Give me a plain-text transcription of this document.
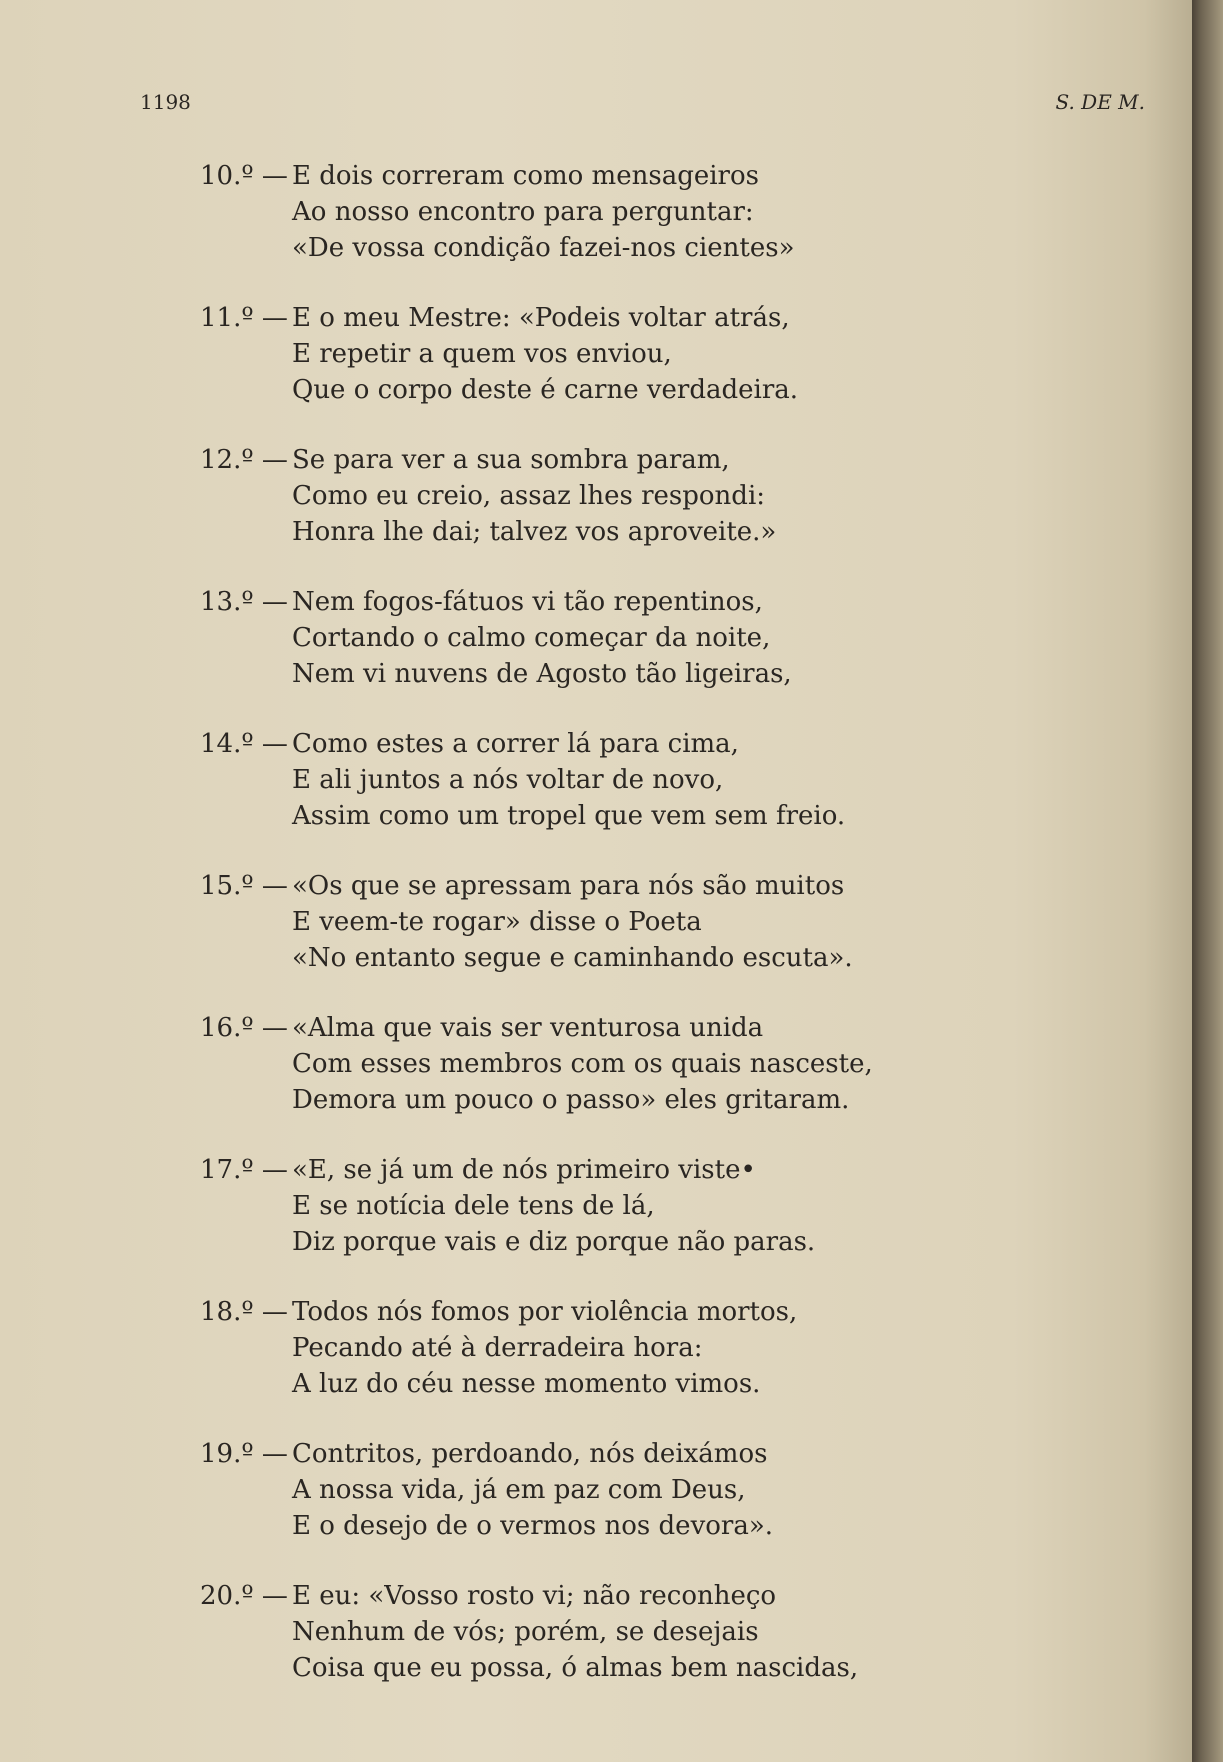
1198	S. DE M.
10.º — E dois correram como mensageiros
Ao nosso encontro para perguntar:
«De vossa condição fazei-nos cientes»
11.º — E o meu Mestre: «Podeis voltar atrás,
E repetir a quem vos enviou,
Que o corpo deste é carne verdadeira.
12.º — Se para ver a sua sombra param,
Como eu creio, assaz lhes respondi:
Honra lhe dai; talvez vos aproveite.»
13.º — Nem fogos-fátuos vi tão repentinos,
Cortando o calmo começar da noite,
Nem vi nuvens de Agosto tão ligeiras,
14.º — Como estes a correr lá para cima,
E ali juntos a nós voltar de novo,
Assim como um tropel que vem sem freio.
15.º — «Os que se apressam para nós são muitos
E veem-te rogar» disse o Poeta
«No entanto segue e caminhando escuta».
16.º — «Alma que vais ser venturosa unida
Com esses membros com os quais nasceste,
Demora um pouco o passo» eles gritaram.
17.º — «E, se já um de nós primeiro viste•
E se notícia dele tens de lá,
Diz porque vais e diz porque não paras.
18.º — Todos nós fomos por violência mortos,
Pecando até à derradeira hora:
A luz do céu nesse momento vimos.
19.º — Contritos, perdoando, nós deixámos
A nossa vida, já em paz com Deus,
E o desejo de o vermos nos devora».
20.º — E eu: «Vosso rosto vi; não reconheço
Nenhum de vós; porém, se desejais
Coisa que eu possa, ó almas bem nascidas,
